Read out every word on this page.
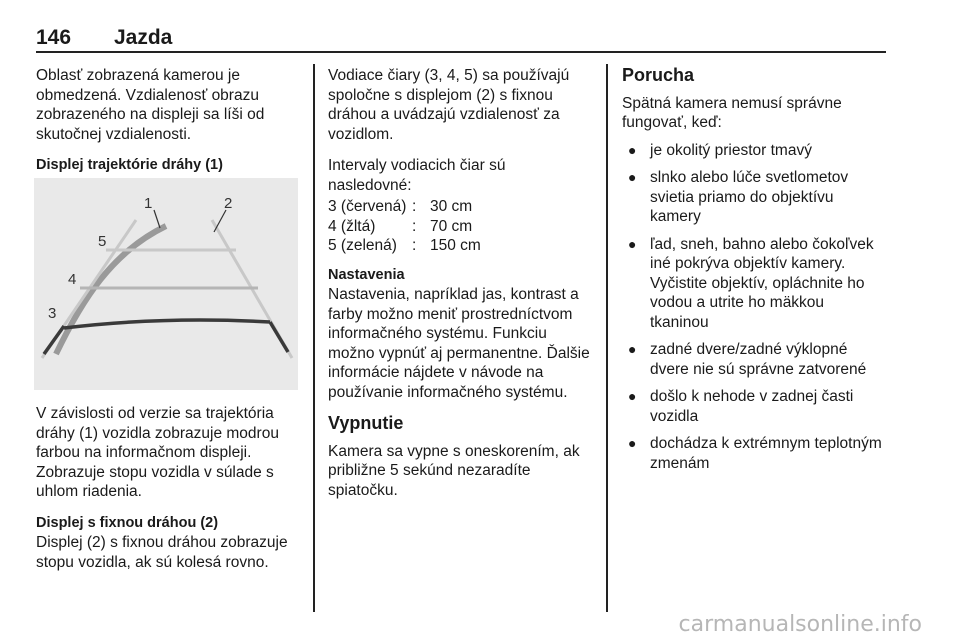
146 Jazda

Oblasť zobrazená kamerou je obmedzená. Vzdialenosť obrazu zobrazeného na displeji sa líši od skutočnej vzdialenosti.

Displej trajektórie dráhy (1)

1	2
3
4
5

V závislosti od verzie sa trajektória dráhy (1) vozidla zobrazuje modrou farbou na informačnom displeji. Zobrazuje stopu vozidla v súlade s uhlom riadenia.

Displej s fixnou dráhou (2)
Displej (2) s fixnou dráhou zobrazuje stopu vozidla, ak sú kolesá rovno.

Vodiace čiary (3, 4, 5) sa používajú spoločne s displejom (2) s fixnou dráhou a uvádzajú vzdialenosť za vozidlom.

Intervaly vodiacich čiar sú nasledovné:

3 (červená) : 30 cm
4 (žltá)	: 70 cm
5 (zelená) : 150 cm

Nastavenia
Nastavenia, napríklad jas, kontrast a farby možno meniť prostredníctvom informačného systému. Funkciu možno vypnúť aj permanentne. Ďalšie informácie nájdete v návode na používanie informačného systému.

Vypnutie

Kamera sa vypne s oneskorením, ak približne 5 sekúnd nezaradíte spiatočku.

Porucha

Spätná kamera nemusí správne fungovať, keď:

● je okolitý priestor tmavý
● slnko alebo lúče svetlometov svietia priamo do objektívu kamery
● ľad, sneh, bahno alebo čokoľvek iné pokrýva objektív kamery. Vyčistite objektív, opláchnite ho vodou a utrite ho mäkkou tkaninou
● zadné dvere/zadné výklopné dvere nie sú správne zatvorené
● došlo k nehode v zadnej časti vozidla
● dochádza k extrémnym teplotným zmenám
carmanualsonline.info
